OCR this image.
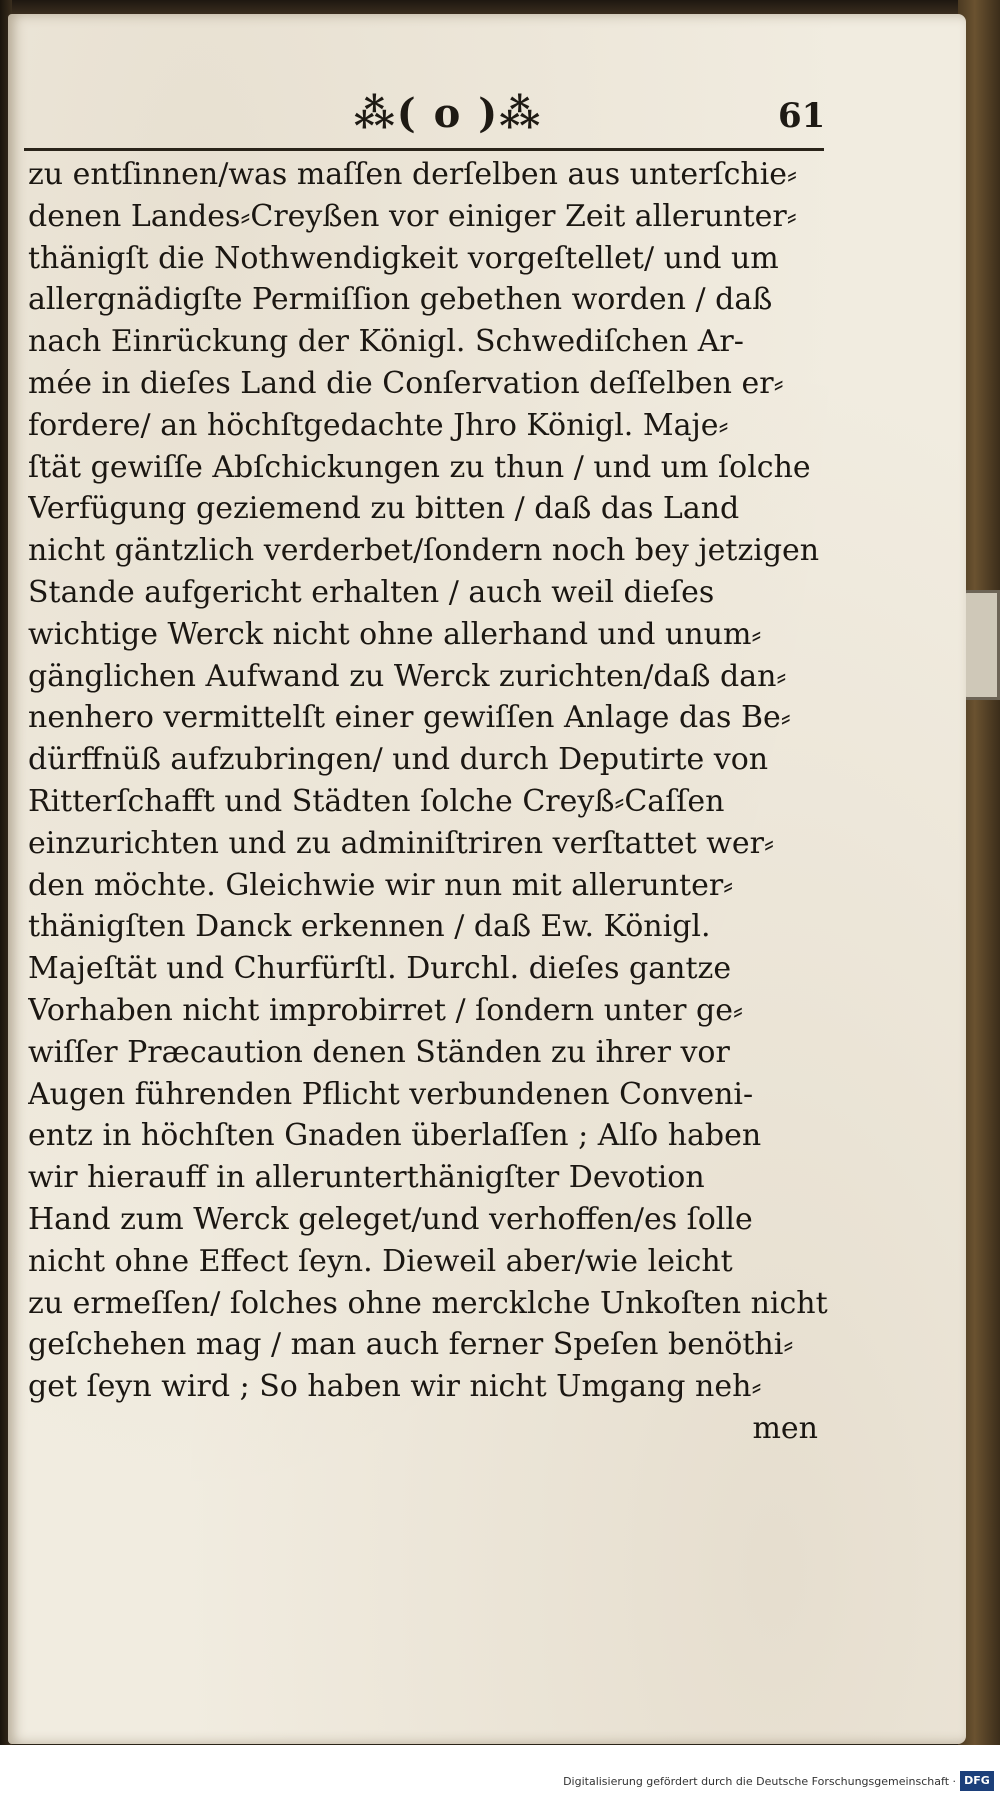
⁂( o )⁂	61
zu entſinnen/was maſſen derſelben aus unterſchie⸗
denen Landes⸗Creyßen vor einiger Zeit allerunter⸗
thänigſt die Nothwendigkeit vorgeſtellet/ und um
allergnädigſte Permiſſion gebethen worden / daß
nach Einrückung der Königl. Schwediſchen Ar-
mée in dieſes Land die Conſervation deſſelben er⸗
fordere/ an höchſtgedachte Jhro Königl. Maje⸗
ſtät gewiſſe Abſchickungen zu thun / und um ſolche
Verfügung geziemend zu bitten / daß das Land
nicht gäntzlich verderbet/ſondern noch bey jetzigen
Stande aufgericht erhalten / auch weil dieſes
wichtige Werck nicht ohne allerhand und unum⸗
gänglichen Aufwand zu Werck zurichten/daß dan⸗
nenhero vermittelſt einer gewiſſen Anlage das Be⸗
dürffnüß aufzubringen/ und durch Deputirte von
Ritterſchafft und Städten ſolche Creyß⸗Caſſen
einzurichten und zu adminiſtriren verſtattet wer⸗
den möchte. Gleichwie wir nun mit allerunter⸗
thänigſten Danck erkennen / daß Ew. Königl.
Majeſtät und Churfürſtl. Durchl. dieſes gantze
Vorhaben nicht improbirret / ſondern unter ge⸗
wiſſer Præcaution denen Ständen zu ihrer vor
Augen führenden Pflicht verbundenen Conveni-
entz in höchſten Gnaden überlaſſen ; Alſo haben
wir hierauff in allerunterthänigſter Devotion
Hand zum Werck geleget/und verhoffen/es ſolle
nicht ohne Effect ſeyn. Dieweil aber/wie leicht
zu ermeſſen/ ſolches ohne mercklche Unkoſten nicht
geſchehen mag / man auch ferner Speſen benöthi⸗
get ſeyn wird ; So haben wir nicht Umgang neh⸗
men
Digitalisierung gefördert durch die Deutsche Forschungsgemeinschaft · DFG
